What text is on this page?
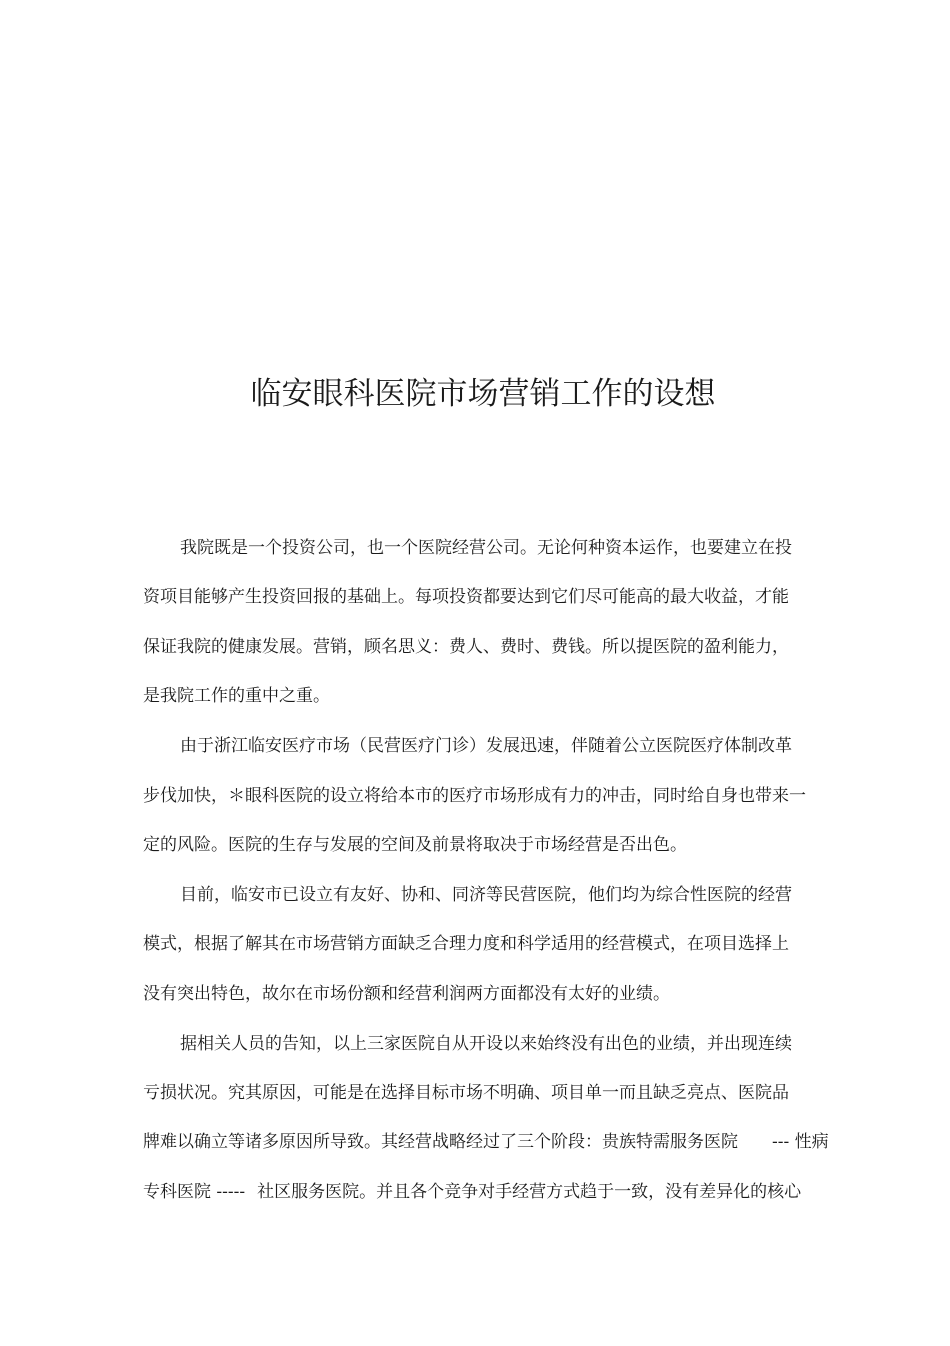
临安眼科医院市场营销工作的设想
我院既是一个投资公司，也一个医院经营公司。无论何种资本运作，也要建立在投
资项目能够产生投资回报的基础上。每项投资都要达到它们尽可能高的最大收益，才能
保证我院的健康发展。营销，顾名思义：费人、费时、费钱。所以提医院的盈利能力，
是我院工作的重中之重。
由于浙江临安医疗市场（民营医疗门诊）发展迅速，伴随着公立医院医疗体制改革
步伐加快，＊眼科医院的设立将给本市的医疗市场形成有力的冲击，同时给自身也带来一
定的风险。医院的生存与发展的空间及前景将取决于市场经营是否出色。
目前，临安市已设立有友好、协和、同济等民营医院，他们均为综合性医院的经营
模式，根据了解其在市场营销方面缺乏合理力度和科学适用的经营模式，在项目选择上
没有突出特色，故尔在市场份额和经营利润两方面都没有太好的业绩。
据相关人员的告知，以上三家医院自从开设以来始终没有出色的业绩，并出现连续
亏损状况。究其原因，可能是在选择目标市场不明确、项目单一而且缺乏亮点、医院品
牌难以确立等诸多原因所导致。其经营战略经过了三个阶段：贵族特需服务医院 --- 性病
专科医院 ----- 社区服务医院。并且各个竞争对手经营方式趋于一致，没有差异化的核心
